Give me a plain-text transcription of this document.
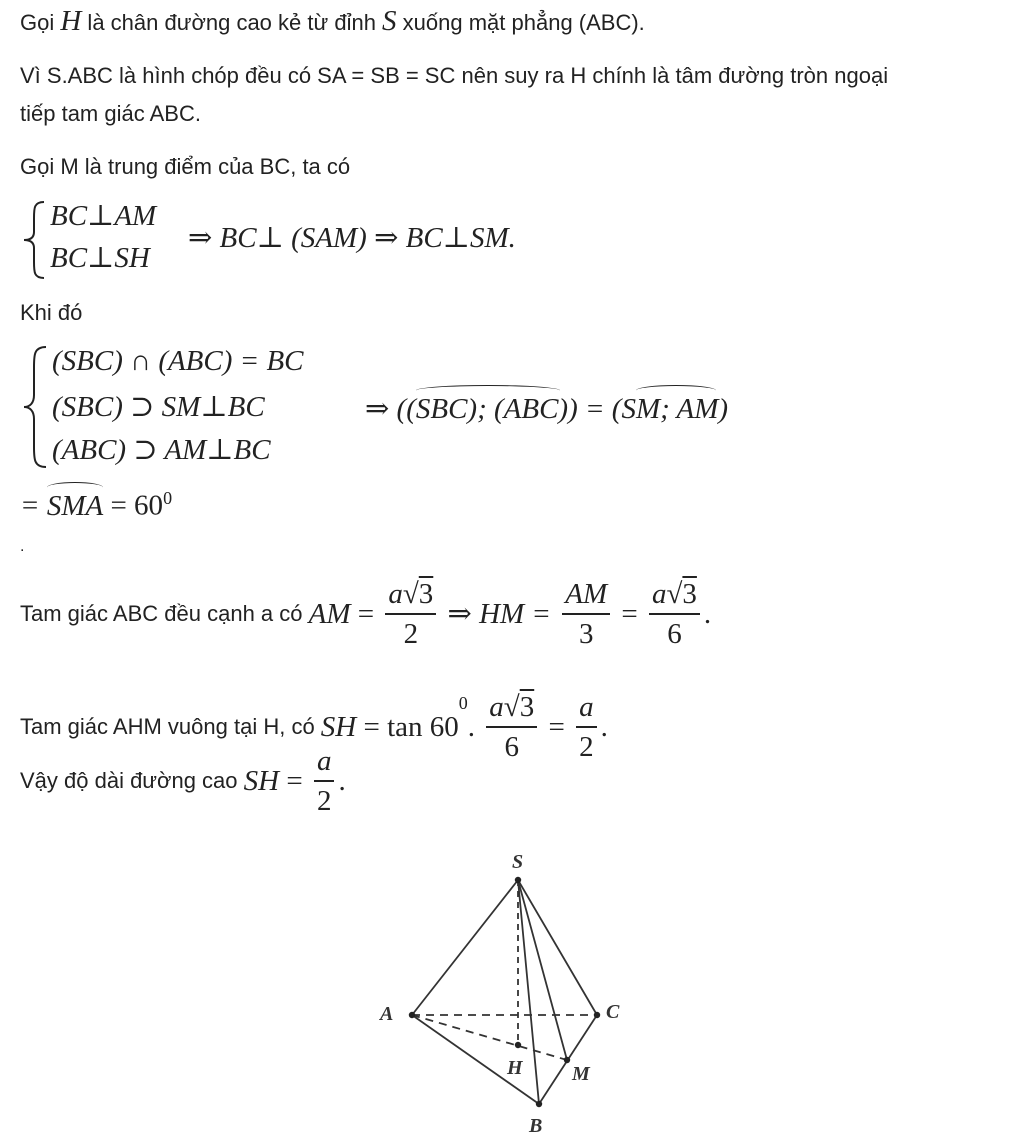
Gọi H là chân đường cao kẻ từ đỉnh S xuống mặt phẳng (ABC).
Vì S.ABC là hình chóp đều có SA = SB = SC nên suy ra H chính là tâm đường tròn ngoại
tiếp tam giác ABC.
Gọi M là trung điểm của BC, ta có
BC⊥AM
BC⊥SH
⇒ BC⊥ (SAM) ⇒ BC⊥SM.
Khi đó
(SBC) ∩ (ABC) = BC
(SBC) ⊃ SM⊥BC
(ABC) ⊃ AM⊥BC
⇒ ((
SBC); (ABC)) = (S
M; AM)
=
SMA = $60^0$
.
Tam giác ABC đều cạnh a có AM = $\frac{a√3}{2}$ ⇒ HM = $\frac{AM}{3} = \frac{a√3}{6}$ .
Tam giác AHM vuông tại H, có SH = $\tan 60^0$. $\frac{a√3}{6} = \frac{a}{2}$ .
Vậy độ dài đường cao SH = $\frac{a}{2}$ .
S
A	C
H M
B
